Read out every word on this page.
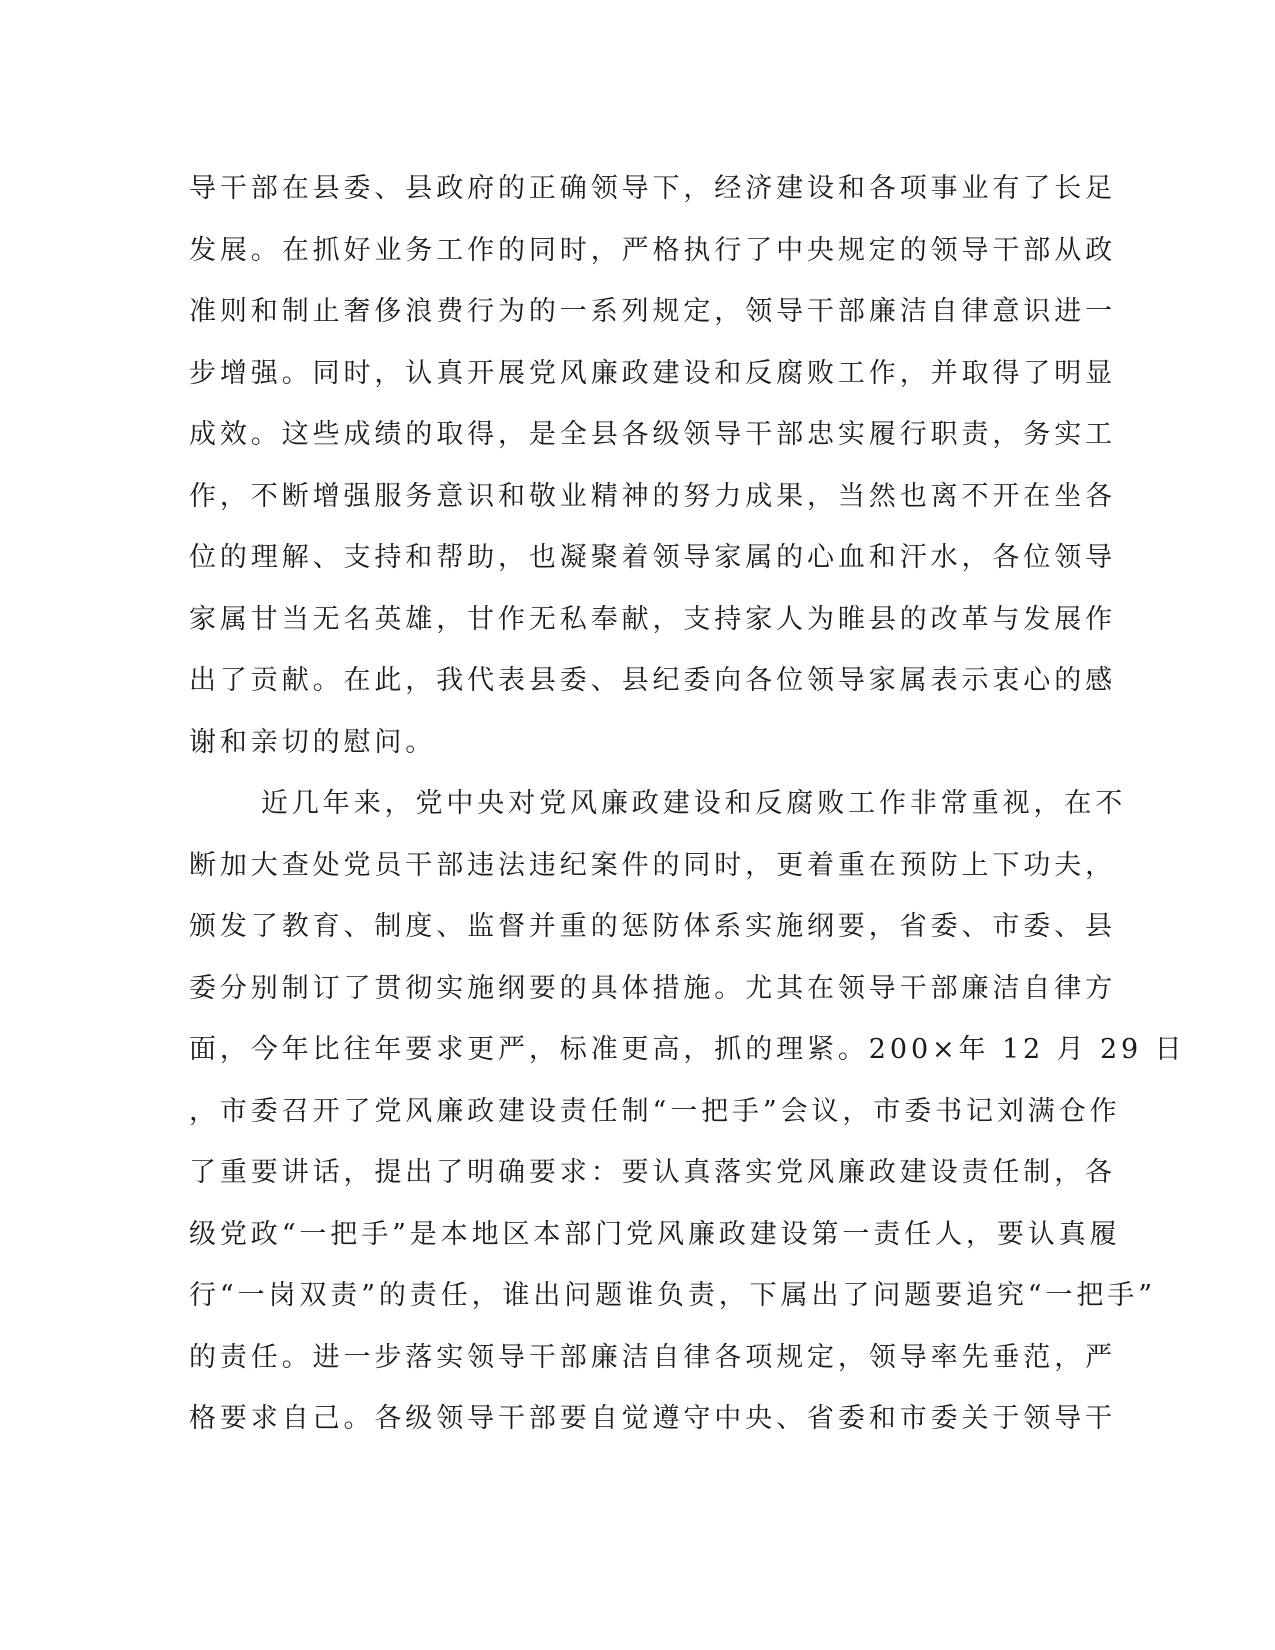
导干部在县委、县政府的正确领导下，经济建设和各项事业有了长足
发展。在抓好业务工作的同时，严格执行了中央规定的领导干部从政
准则和制止奢侈浪费行为的一系列规定，领导干部廉洁自律意识进一
步增强。同时，认真开展党风廉政建设和反腐败工作，并取得了明显
成效。这些成绩的取得，是全县各级领导干部忠实履行职责，务实工
作，不断增强服务意识和敬业精神的努力成果，当然也离不开在坐各
位的理解、支持和帮助，也凝聚着领导家属的心血和汗水，各位领导
家属甘当无名英雄，甘作无私奉献，支持家人为睢县的改革与发展作
出了贡献。在此，我代表县委、县纪委向各位领导家属表示衷心的感
谢和亲切的慰问。
近几年来，党中央对党风廉政建设和反腐败工作非常重视，在不
断加大查处党员干部违法违纪案件的同时，更着重在预防上下功夫，
颁发了教育、制度、监督并重的惩防体系实施纲要，省委、市委、县
委分别制订了贯彻实施纲要的具体措施。尤其在领导干部廉洁自律方
面，今年比往年要求更严，标准更高，抓的理紧。200×年 12 月 29 日
，市委召开了党风廉政建设责任制“一把手”会议，市委书记刘满仓作
了重要讲话，提出了明确要求：要认真落实党风廉政建设责任制，各
级党政“一把手”是本地区本部门党风廉政建设第一责任人，要认真履
行“一岗双责”的责任，谁出问题谁负责，下属出了问题要追究“一把手”
的责任。进一步落实领导干部廉洁自律各项规定，领导率先垂范，严
格要求自己。各级领导干部要自觉遵守中央、省委和市委关于领导干
